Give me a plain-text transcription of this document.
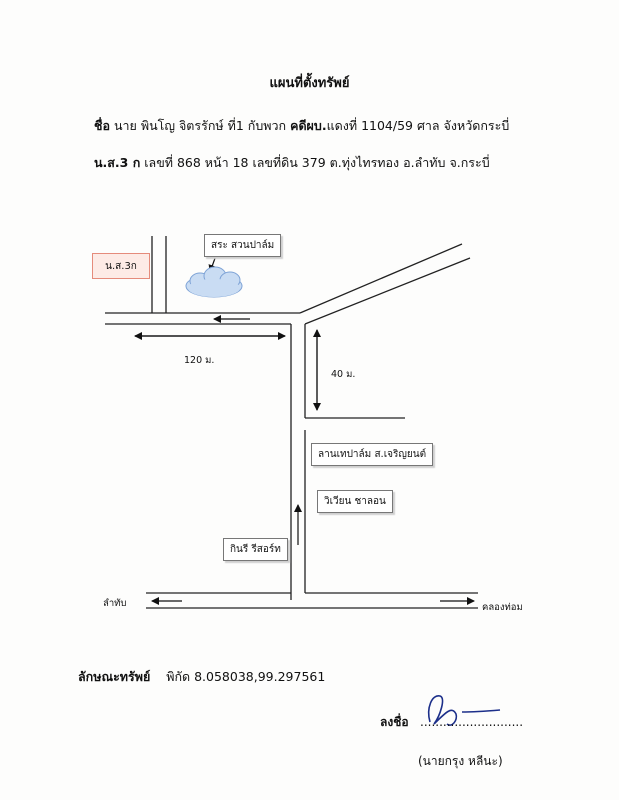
แผนที่ตั้งทรัพย์
ชื่อ นาย พินโญ จิตรรักษ์ ที่1 กับพวก คดีผบ.แดงที่ 1104/59 ศาล จังหวัดกระบี่
น.ส.3 ก เลขที่ 868 หน้า 18 เลขที่ดิน 379 ต.ทุ่งไทรทอง อ.ลำทับ จ.กระบี่
น.ส.3ก
สระ สวนปาล์ม
120 ม.
40 ม.
ลานเทปาล์ม ส.เจริญยนต์
วิเวียน ชาลอน
กินรี รีสอร์ท
ลำทับ	คลองท่อม
ลักษณะทรัพย์ พิกัด 8.058038,99.297561
ลงชื่อ ...........................
(นายกรุง หลีนะ)
